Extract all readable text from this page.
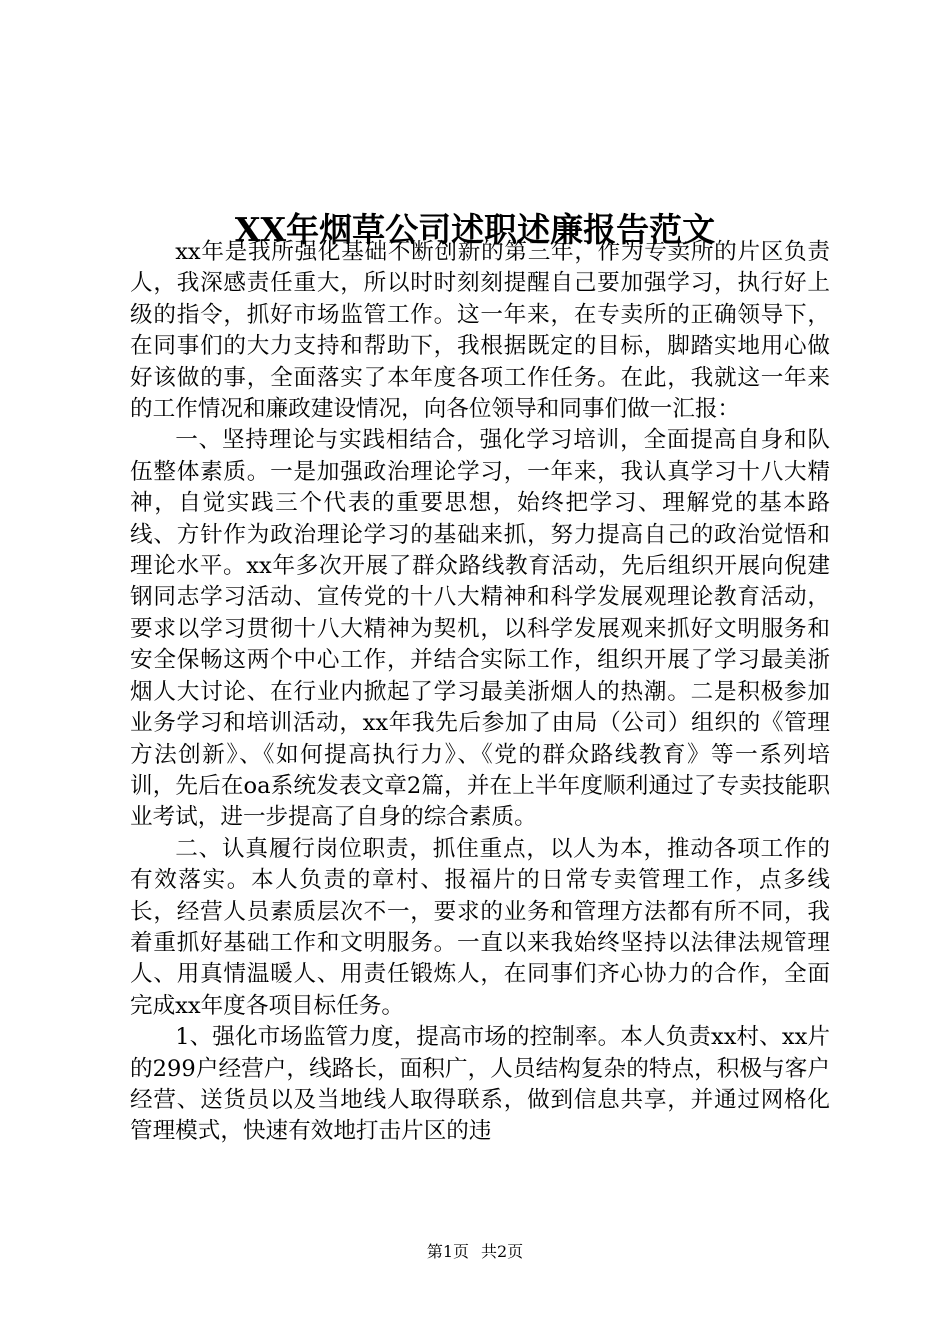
XX年烟草公司述职述廉报告范文

xx年是我所强化基础不断创新的第三年，作为专卖所的片区负责人，我深感责任重大，所以时时刻刻提醒自己要加强学习，执行好上级的指令，抓好市场监管工作。这一年来，在专卖所的正确领导下，在同事们的大力支持和帮助下，我根据既定的目标，脚踏实地用心做好该做的事，全面落实了本年度各项工作任务。在此，我就这一年来的工作情况和廉政建设情况，向各位领导和同事们做一汇报：

一、坚持理论与实践相结合，强化学习培训，全面提高自身和队伍整体素质。一是加强政治理论学习，一年来，我认真学习十八大精神，自觉实践三个代表的重要思想，始终把学习、理解党的基本路线、方针作为政治理论学习的基础来抓，努力提高自己的政治觉悟和理论水平。xx年多次开展了群众路线教育活动，先后组织开展向倪建钢同志学习活动、宣传党的十八大精神和科学发展观理论教育活动，要求以学习贯彻十八大精神为契机，以科学发展观来抓好文明服务和安全保畅这两个中心工作，并结合实际工作，组织开展了学习最美浙烟人大讨论、在行业内掀起了学习最美浙烟人的热潮。二是积极参加业务学习和培训活动，xx年我先后参加了由局（公司）组织的《管理方法创新》、《如何提高执行力》、《党的群众路线教育》等一系列培训，先后在oa系统发表文章2篇，并在上半年度顺利通过了专卖技能职业考试，进一步提高了自身的综合素质。

二、认真履行岗位职责，抓住重点，以人为本，推动各项工作的有效落实。本人负责的章村、报福片的日常专卖管理工作，点多线长，经营人员素质层次不一，要求的业务和管理方法都有所不同，我着重抓好基础工作和文明服务。一直以来我始终坚持以法律法规管理人、用真情温暖人、用责任锻炼人，在同事们齐心协力的合作，全面完成xx年度各项目标任务。

1、强化市场监管力度，提高市场的控制率。本人负责xx村、xx片的299户经营户，线路长，面积广，人员结构复杂的特点，积极与客户经营、送货员以及当地线人取得联系，做到信息共享，并通过网格化管理模式，快速有效地打击片区的违

第1页 共2页
